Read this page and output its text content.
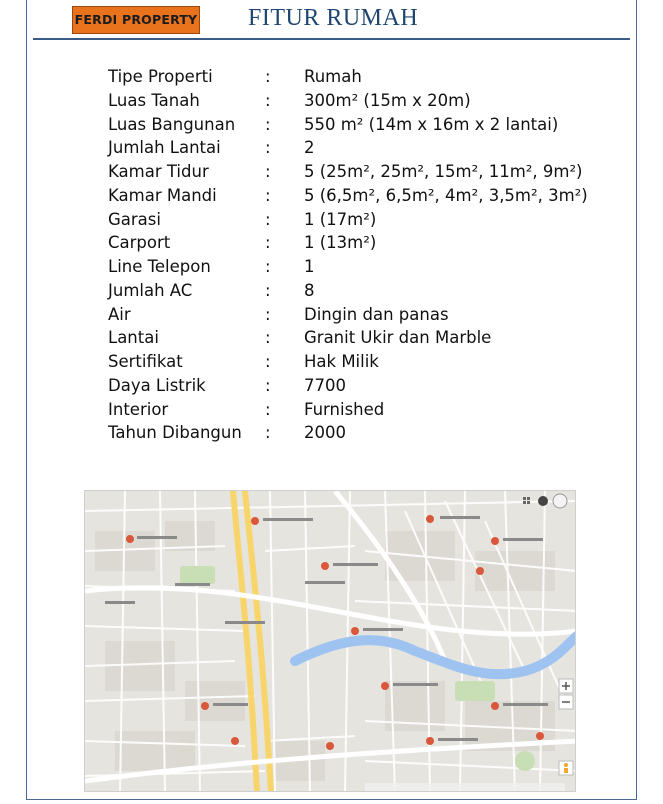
FERDI PROPERTY FITUR RUMAH
Tipe Properti	: Rumah
Luas Tanah	: 300m² (15m x 20m)
Luas Bangunan : 550 m² (14m x 16m x 2 lantai)
Jumlah Lantai	: 2
Kamar Tidur	: 5 (25m², 25m², 15m², 11m², 9m²)
Kamar Mandi	: 5 (6,5m², 6,5m², 4m², 3,5m², 3m²)
Garasi	: 1 (17m²)
Carport	: 1 (13m²)
Line Telepon	: 1
Jumlah AC	: 8
Air	: Dingin dan panas
Lantai	: Granit Ukir dan Marble
Sertifikat	: Hak Milik
Daya Listrik	: 7700
Interior	: Furnished
Tahun Dibangun : 2000
